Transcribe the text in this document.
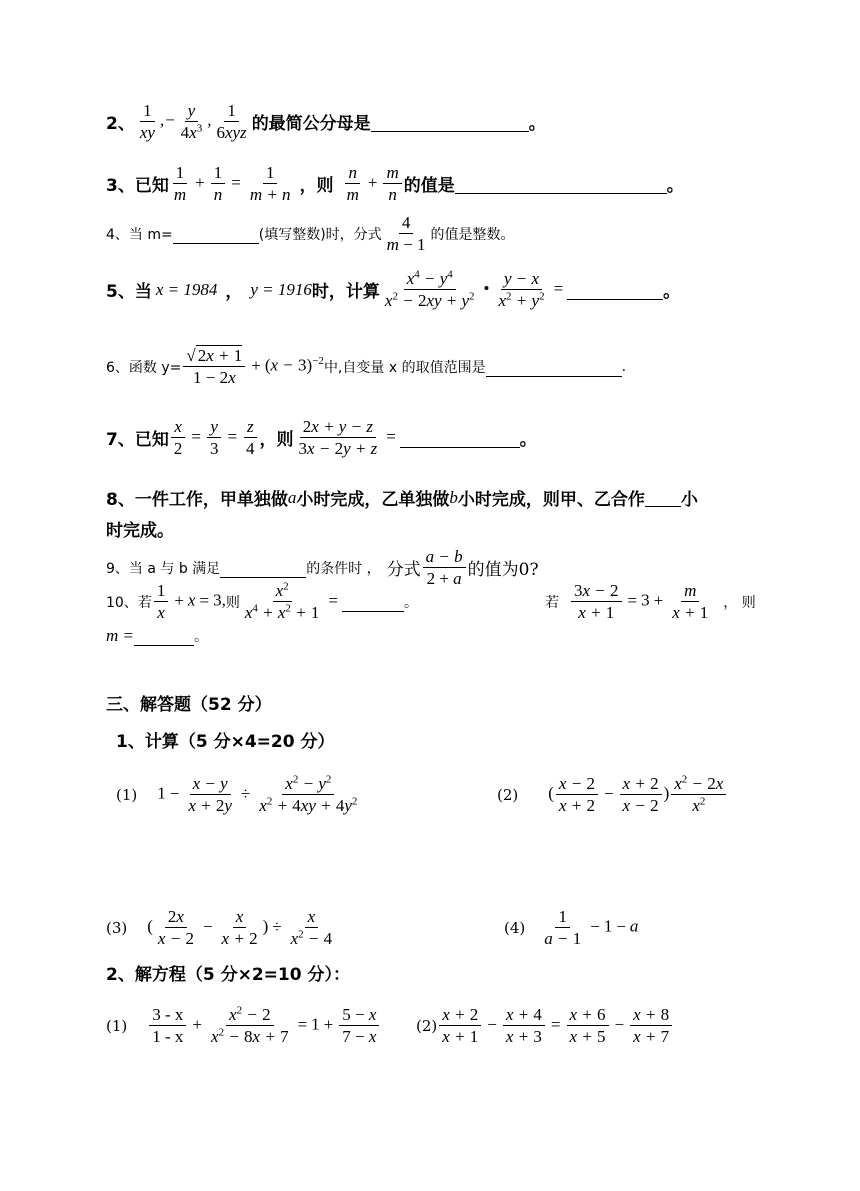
2、 $\frac{1}{xy}$ ,− $\frac{y}{4x^3}$ , $\frac{1}{\text{6xyz}}$ 的最简公分母是	。
3、已知 $\frac{1}{m} + \frac{1}{n} = \frac{1}{m + n}$ ，则 $\frac{n}{m} + \frac{m}{n}$ 的值是	。
4、当 m=	(填写整数)时，分式 $\frac{4}{m - 1}$ 的值是整数。
5、当 x = 1984 ， y = 1916 时，计算 $\frac{x^4 - y^4}{x^2 - 2xy + y^2}$ • $\frac{y - x}{x^2 + y^2}$ =	。
6、函数 $y= \frac{√ 2x + 1}{1 - 2x} + (x - 3)^{-2}$ 中,自变量 x 的取值范围是	.
7、已知 $\frac{x}{2} = \frac{y}{3} = \frac{z}{4}$ ，则 $\frac{2x + y - z}{3x - 2y + z}$ =	。
8、一件工作，甲单独做 a 小时完成，乙单独做 b 小时完成，则甲、乙合作 小
时完成。
9、当 a 与 b 满足	的条件时 ， 分式 $\frac{a - b}{2 + a}$ 的值为0?
10、若 $\frac{1}{x} + x = 3$, 则 $\frac{x^2}{x^4 + x^2 + 1}$ =	。	若 $\frac{3x - 2}{x + 1} = 3 + \frac{m}{x + 1}$ ， 则
m =	。
三、解答题（52 分）
1、计算（5 分×4=20 分）
(1) $1 - \frac{x - y}{x + 2y} \div \frac{x^2 - y^2}{x^2 + 4xy + 4y^2}$	(2) ( $\frac{x - 2}{x + 2} - \frac{x + 2}{x - 2}$ ) $\frac{x^2 - 2x}{x^2}$
(3) ( $\frac{2x}{x - 2} - \frac{x}{x + 2}$ ) ÷ $\frac{x}{x^2 - 4}$	$(4) \frac{1}{a - 1} - 1 - a$
2、解方程（5 分×2=10 分）：
$(1) \frac{3 - x}{1 - x} + \frac{x^2 - 2}{x^2 - 8x + 7} = 1 + \frac{5 - x}{7 - x} (2) \frac{x + 2}{x + 1} - \frac{x + 4}{x + 3} = \frac{x + 6}{x + 5} - \frac{x + 8}{x + 7}$
